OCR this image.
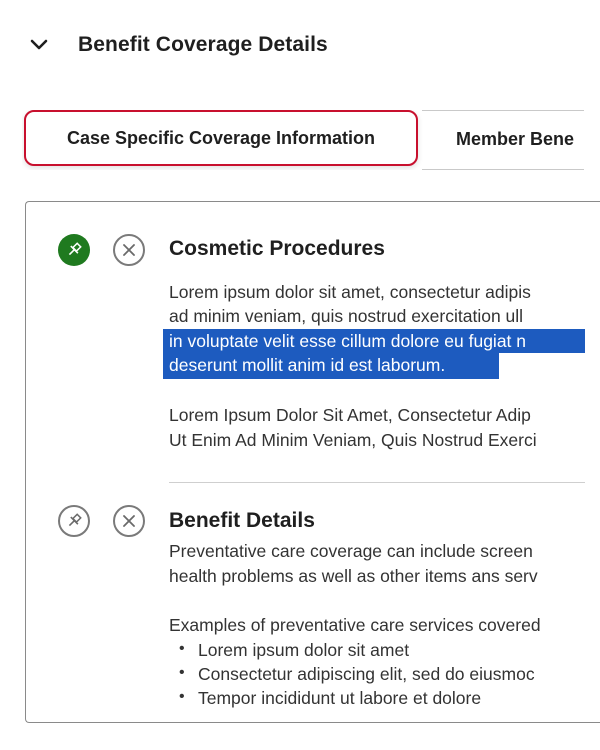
Benefit Coverage Details
Case Specific Coverage Information	Member Bene
Cosmetic Procedures
Lorem ipsum dolor sit amet, consectetur adipis
ad minim veniam, quis nostrud exercitation ull
in voluptate velit esse cillum dolore eu fugiat n
deserunt mollit anim id est laborum.
Lorem Ipsum Dolor Sit Amet, Consectetur Adip
Ut Enim Ad Minim Veniam, Quis Nostrud Exerci
Benefit Details
Preventative care coverage can include screen
health problems as well as other items ans serv
Examples of preventative care services covered
• Lorem ipsum dolor sit amet
• Consectetur adipiscing elit, sed do eiusmoc
• Tempor incididunt ut labore et dolore
